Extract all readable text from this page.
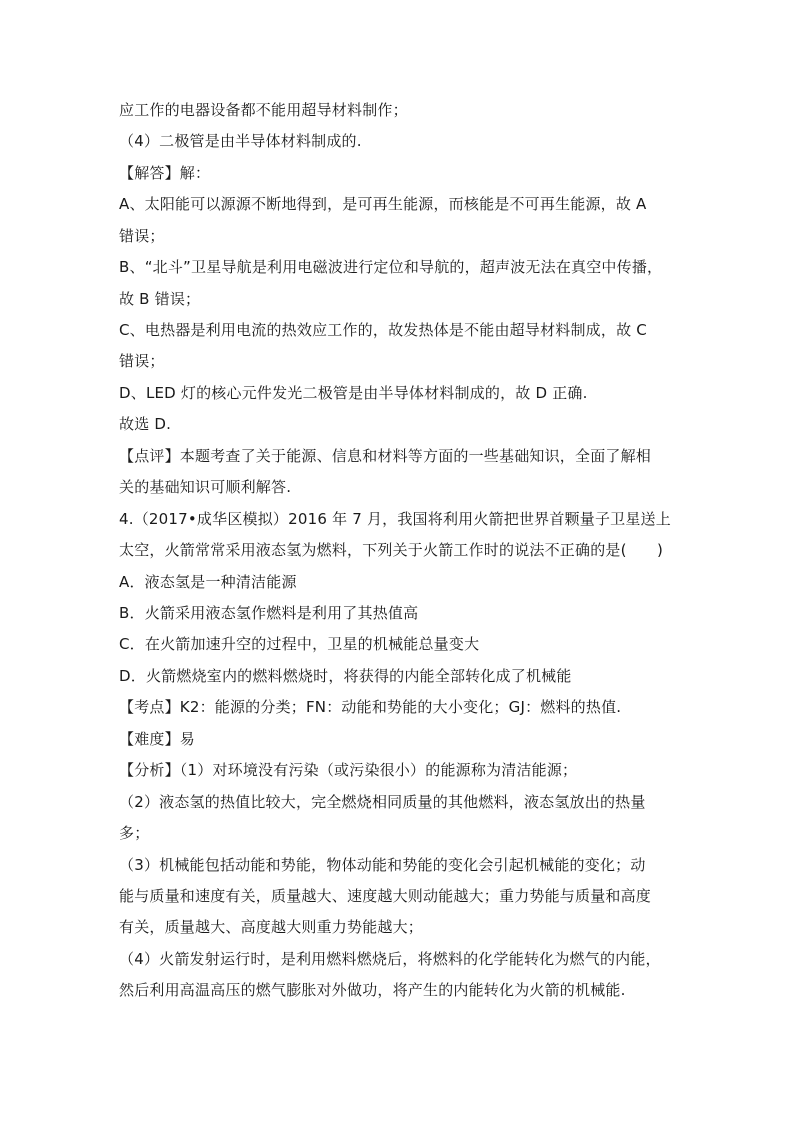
应工作的电器设备都不能用超导材料制作；
（4）二极管是由半导体材料制成的.
【解答】解：
A、太阳能可以源源不断地得到，是可再生能源，而核能是不可再生能源，故 A
错误；
B、“北斗”卫星导航是利用电磁波进行定位和导航的，超声波无法在真空中传播，
故 B 错误；
C、电热器是利用电流的热效应工作的，故发热体是不能由超导材料制成，故 C
错误；
D、LED 灯的核心元件发光二极管是由半导体材料制成的，故 D 正确.
故选 D.
【点评】本题考查了关于能源、信息和材料等方面的一些基础知识，全面了解相
关的基础知识可顺利解答.
4.（2017•成华区模拟）2016 年 7 月，我国将利用火箭把世界首颗量子卫星送上
太空，火箭常常采用液态氢为燃料，下列关于火箭工作时的说法不正确的是(　　)
A．液态氢是一种清洁能源
B．火箭采用液态氢作燃料是利用了其热值高
C．在火箭加速升空的过程中，卫星的机械能总量变大
D．火箭燃烧室内的燃料燃烧时，将获得的内能全部转化成了机械能
【考点】K2：能源的分类；FN：动能和势能的大小变化；GJ：燃料的热值.
【难度】易
【分析】（1）对环境没有污染（或污染很小）的能源称为清洁能源；
（2）液态氢的热值比较大，完全燃烧相同质量的其他燃料，液态氢放出的热量
多；
（3）机械能包括动能和势能，物体动能和势能的变化会引起机械能的变化；动
能与质量和速度有关，质量越大、速度越大则动能越大；重力势能与质量和高度
有关，质量越大、高度越大则重力势能越大；
（4）火箭发射运行时，是利用燃料燃烧后，将燃料的化学能转化为燃气的内能，
然后利用高温高压的燃气膨胀对外做功，将产生的内能转化为火箭的机械能.
